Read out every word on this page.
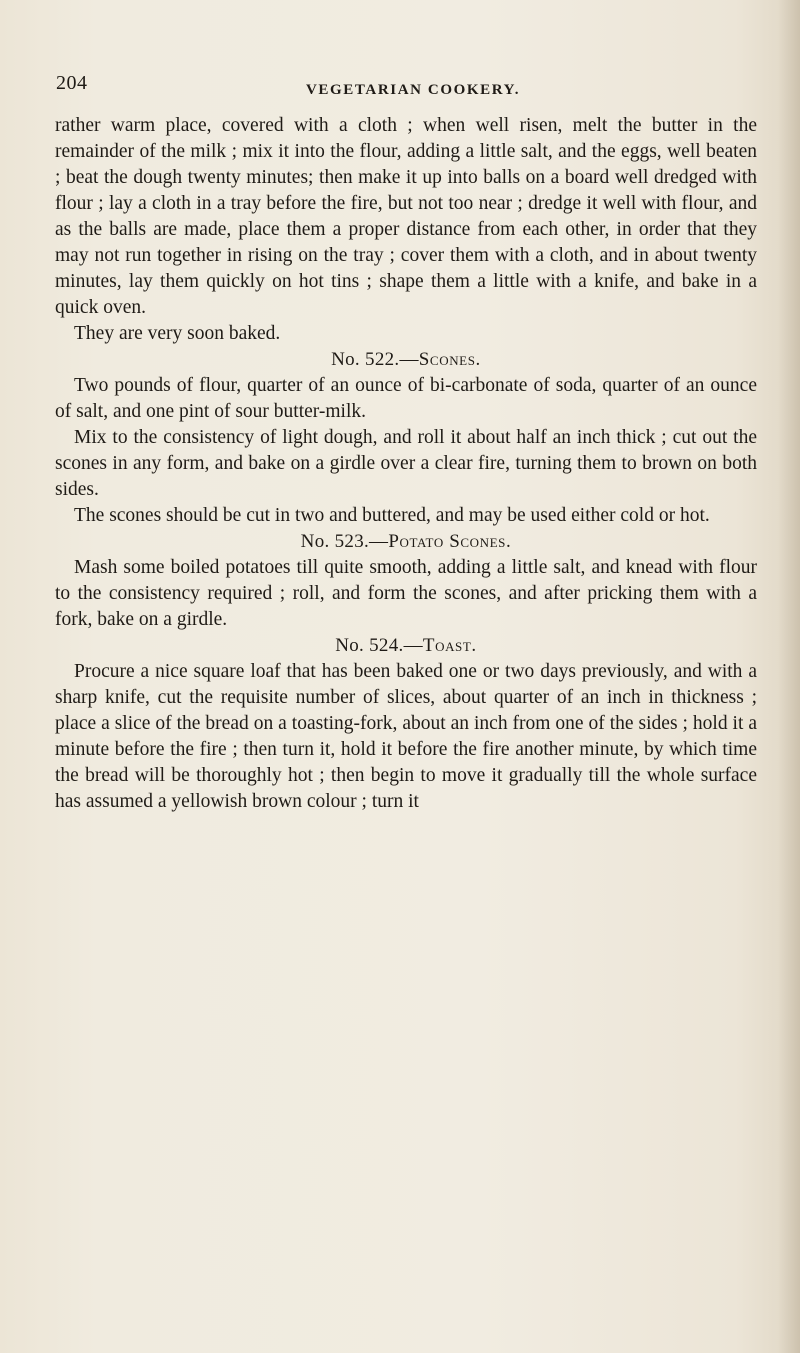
204	VEGETARIAN COOKERY.

rather warm place, covered with a cloth ; when well risen, melt the butter in the remainder of the milk ; mix it into the flour, adding a little salt, and the eggs, well beaten ; beat the dough twenty minutes; then make it up into balls on a board well dredged with flour ; lay a cloth in a tray before the fire, but not too near ; dredge it well with flour, and as the balls are made, place them a proper distance from each other, in order that they may not run together in rising on the tray ; cover them with a cloth, and in about twenty minutes, lay them quickly on hot tins ; shape them a little with a knife, and bake in a quick oven.

They are very soon baked.

No. 522.—Scones.

Two pounds of flour, quarter of an ounce of bi-carbonate of soda, quarter of an ounce of salt, and one pint of sour butter-milk.

Mix to the consistency of light dough, and roll it about half an inch thick ; cut out the scones in any form, and bake on a girdle over a clear fire, turning them to brown on both sides.

The scones should be cut in two and buttered, and may be used either cold or hot.

No. 523.—Potato Scones.

Mash some boiled potatoes till quite smooth, adding a little salt, and knead with flour to the consistency required ; roll, and form the scones, and after pricking them with a fork, bake on a girdle.

No. 524.—Toast.

Procure a nice square loaf that has been baked one or two days previously, and with a sharp knife, cut the requisite number of slices, about quarter of an inch in thickness ; place a slice of the bread on a toasting-fork, about an inch from one of the sides ; hold it a minute before the fire ; then turn it, hold it before the fire another minute, by which time the bread will be thoroughly hot ; then begin to move it gradually till the whole surface has assumed a yellowish brown colour ; turn it
